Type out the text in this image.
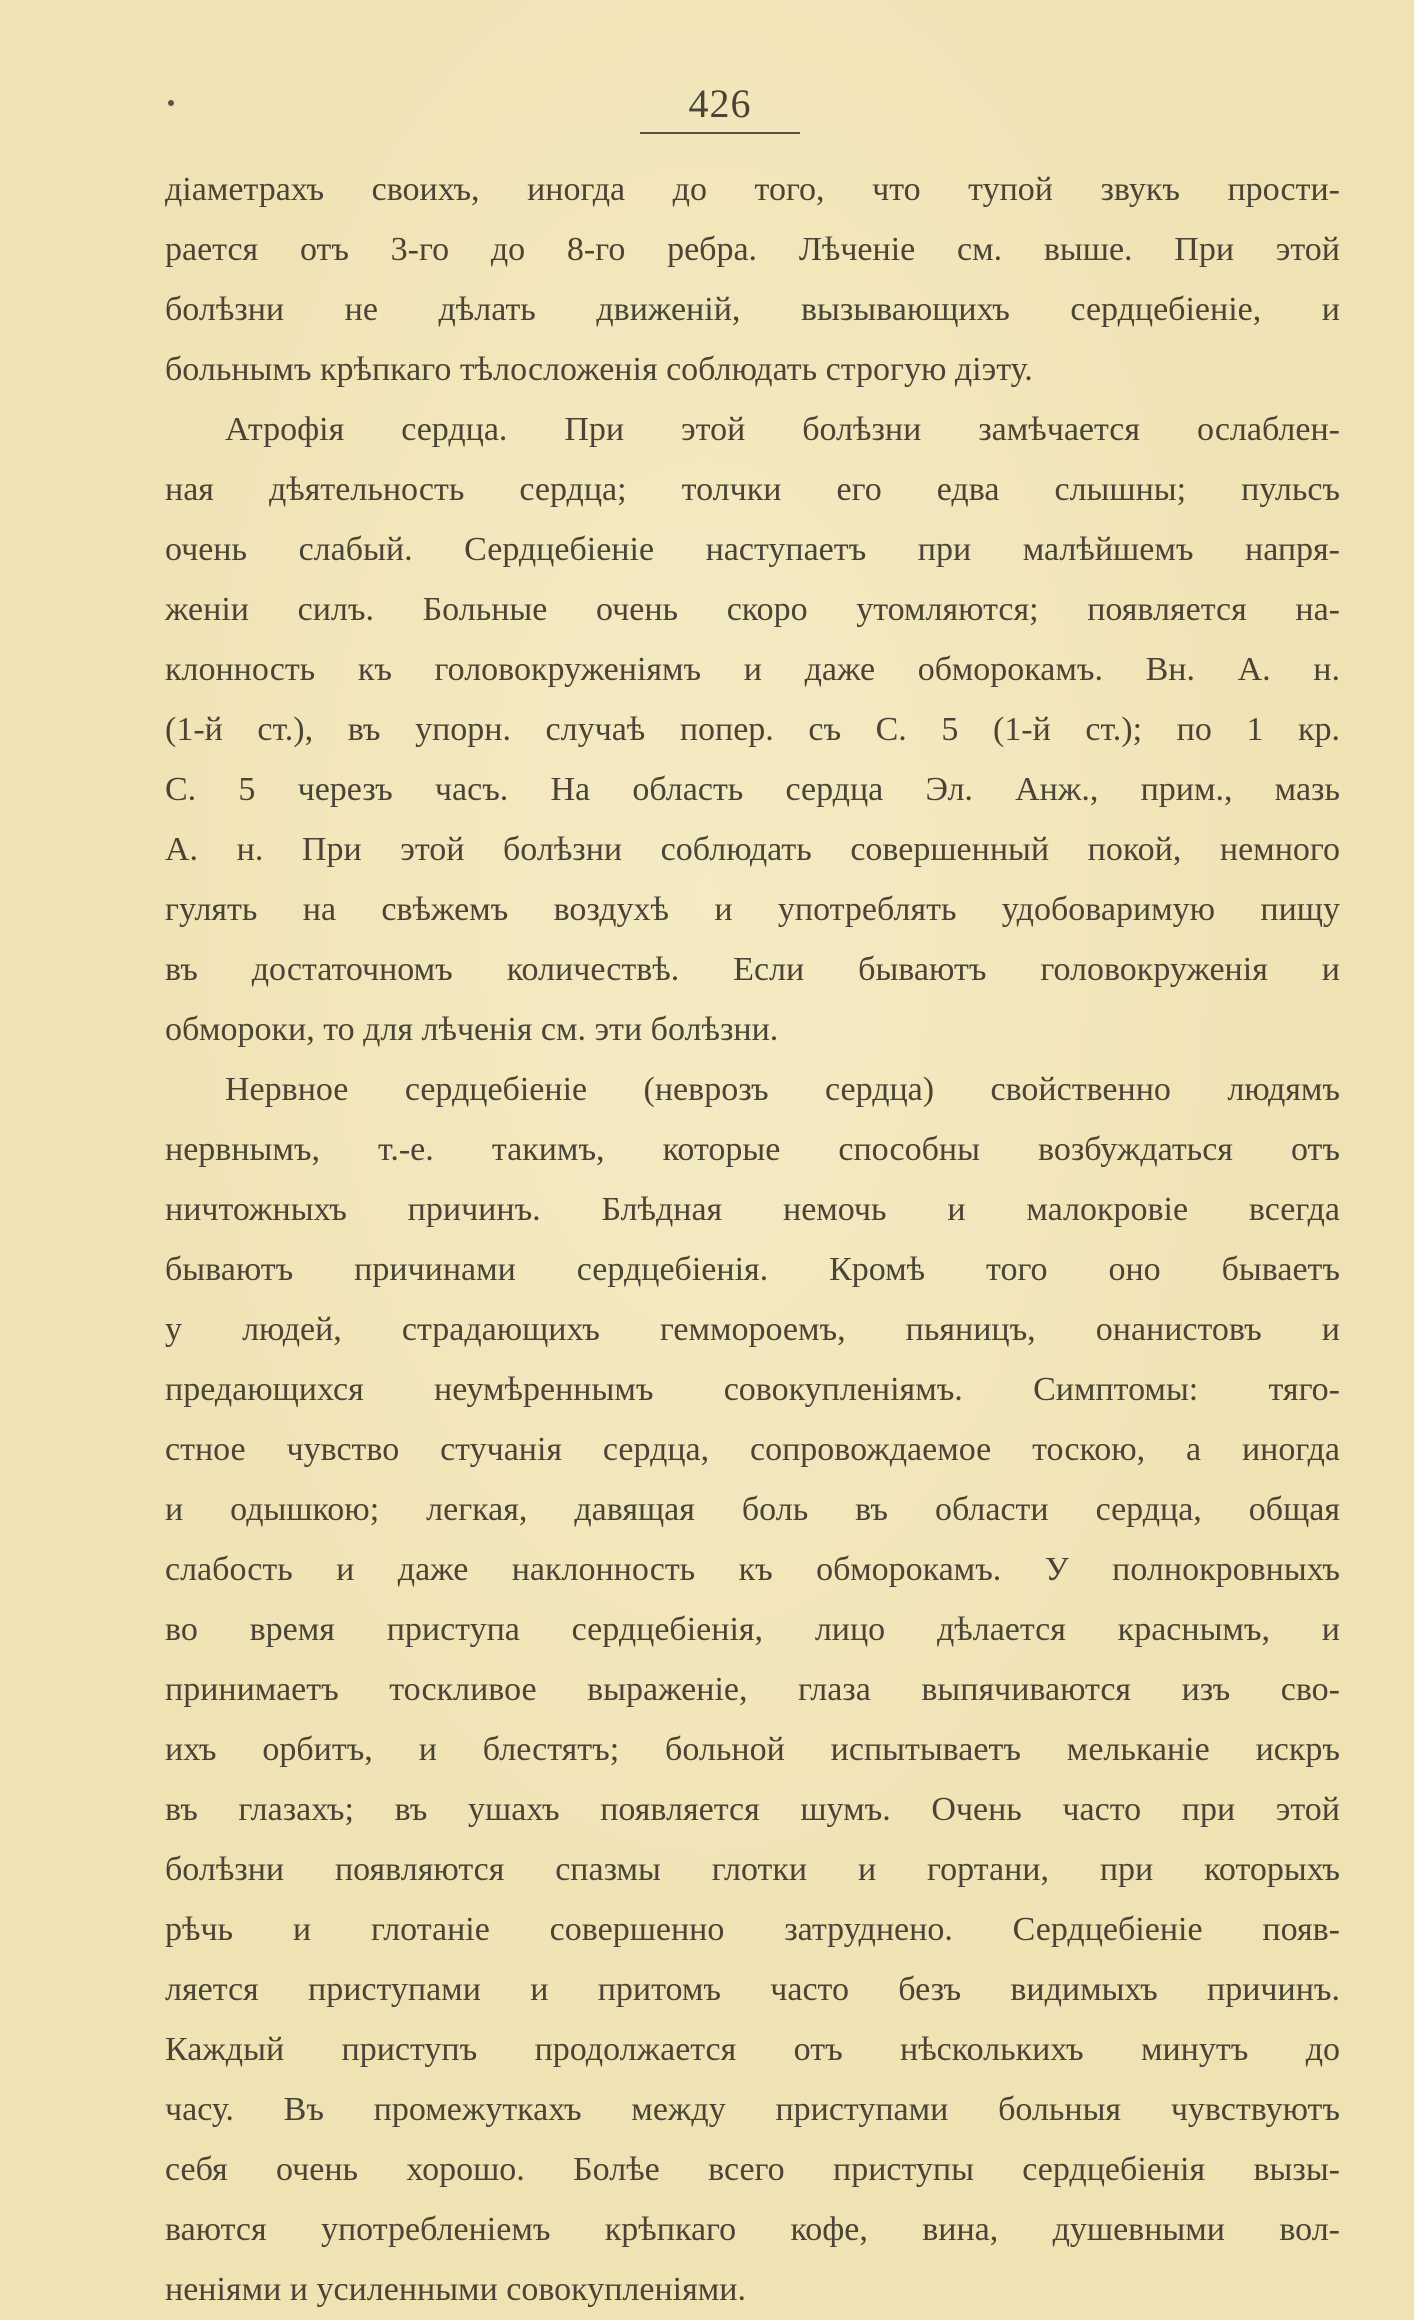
426
діаметрахъ своихъ, иногда до того, что тупой звукъ прости-
рается отъ 3-го до 8-го ребра. Лѣченіе см. выше. При этой
болѣзни не дѣлать движеній, вызывающихъ сердцебіеніе, и
больнымъ крѣпкаго тѣлосложенія соблюдать строгую діэту.
Атрофія сердца. При этой болѣзни замѣчается ослаблен-
ная дѣятельность сердца; толчки его едва слышны; пульсъ
очень слабый. Сердцебіеніе наступаетъ при малѣйшемъ напря-
женіи силъ. Больные очень скоро утомляются; появляется на-
клонность къ головокруженіямъ и даже обморокамъ. Вн. А. н.
(1-й ст.), въ упорн. случаѣ попер. съ С. 5 (1-й ст.); по 1 кр.
С. 5 черезъ часъ. На область сердца Эл. Анж., прим., мазь
А. н. При этой болѣзни соблюдать совершенный покой, немного
гулять на свѣжемъ воздухѣ и употреблять удобоваримую пищу
въ достаточномъ количествѣ. Если бываютъ головокруженія и
обмороки, то для лѣченія см. эти болѣзни.
Нервное сердцебіеніе (неврозъ сердца) свойственно людямъ
нервнымъ, т.-е. такимъ, которые способны возбуждаться отъ
ничтожныхъ причинъ. Блѣдная немочь и малокровіе всегда
бываютъ причинами сердцебіенія. Кромѣ того оно бываетъ
у людей, страдающихъ геммороемъ, пьяницъ, онанистовъ и
предающихся неумѣреннымъ совокупленіямъ. Симптомы: тяго-
стное чувство стучанія сердца, сопровождаемое тоскою, а иногда
и одышкою; легкая, давящая боль въ области сердца, общая
слабость и даже наклонность къ обморокамъ. У полнокровныхъ
во время приступа сердцебіенія, лицо дѣлается краснымъ, и
принимаетъ тоскливое выраженіе, глаза выпячиваются изъ сво-
ихъ орбитъ, и блестятъ; больной испытываетъ мельканіе искръ
въ глазахъ; въ ушахъ появляется шумъ. Очень часто при этой
болѣзни появляются спазмы глотки и гортани, при которыхъ
рѣчь и глотаніе совершенно затруднено. Сердцебіеніе появ-
ляется приступами и притомъ часто безъ видимыхъ причинъ.
Каждый приступъ продолжается отъ нѣсколькихъ минутъ до
часу. Въ промежуткахъ между приступами больныя чувствуютъ
себя очень хорошо. Болѣе всего приступы сердцебіенія вызы-
ваются употребленіемъ крѣпкаго кофе, вина, душевными вол-
неніями и усиленными совокупленіями.
